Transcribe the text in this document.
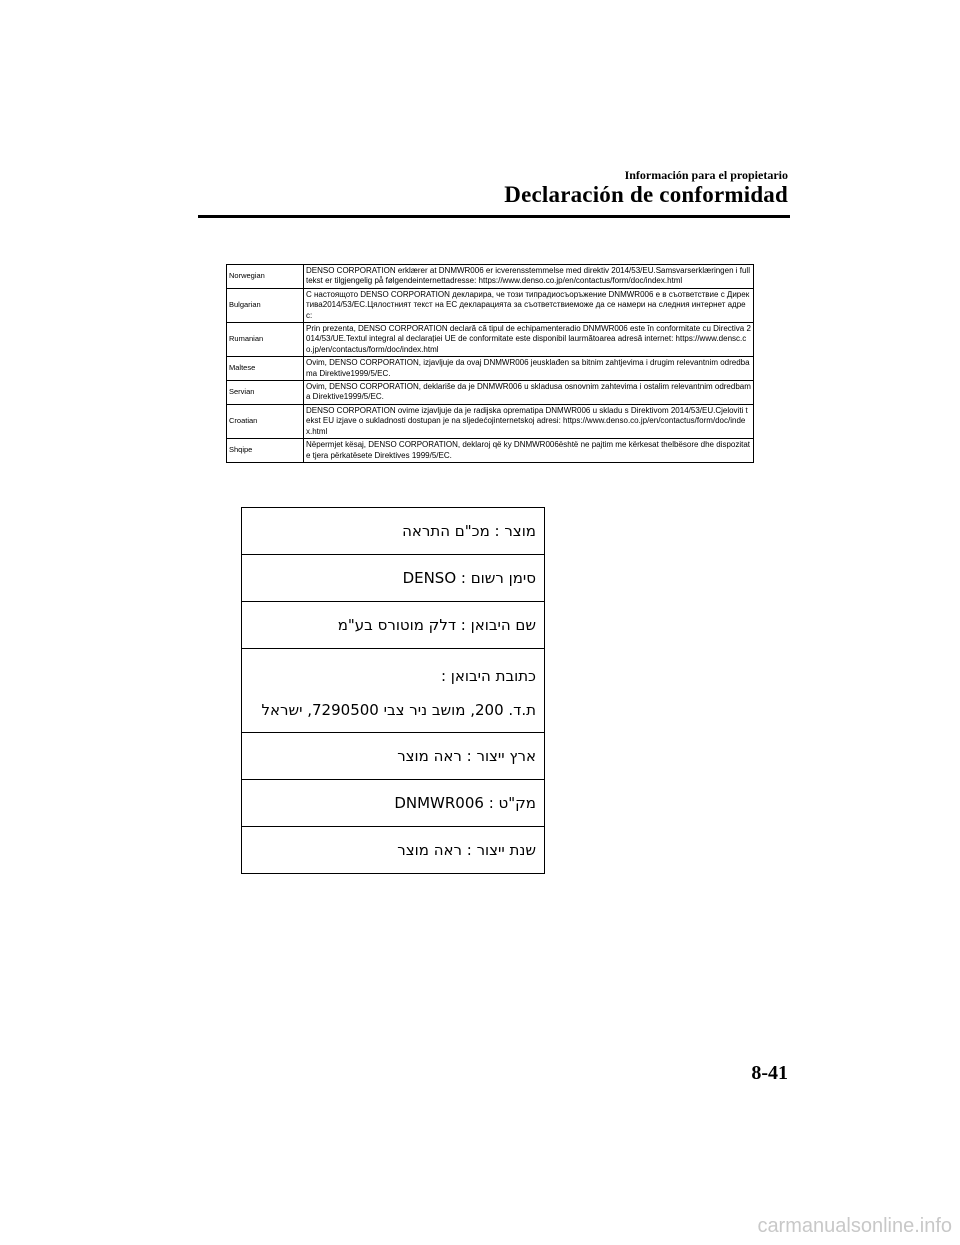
Información para el propietario
Declaración de conformidad
Norwegian	DENSO CORPORATION erklærer at DNMWR006 er icverensstemmelse med direktiv 2014/53/EU.Samsvarserklæringen i fulltekst er tilgjengelig på følgendeinternettadresse: https://www.denso.co.jp/en/contactus/form/doc/index.html
Bulgarian	С настоящото DENSO CORPORATION декларира, че този типрадиосъоръжение DNMWR006 е в съответствие с Директива2014/53/ЕС.Цялостният текст на ЕС декларацията за съответствиеможе да се намери на следния интернет адрес:
Rumanian	Prin prezenta, DENSO CORPORATION declară că tipul de echipamenteradio DNMWR006 este în conformitate cu Directiva 2014/53/UE.Textul integral al declarației UE de conformitate este disponibil laurmătoarea adresă internet: https://www.densc.co.jp/en/contactus/form/doc/index.html
Maltese	Ovim, DENSO CORPORATION, izjavljuje da ovaj DNMWR006 jeusklađen sa bitnim zahtjevima i drugim relevantnim odredbama Direktive1999/5/EC.
Servian	Ovim, DENSO CORPORATION, deklariše da je DNMWR006 u skladusa osnovnim zahtevima i ostalim relevantnim odredbama Direktive1999/5/EC.
Croatian	DENSO CORPORATION ovime izjavljuje da je radijska oprematipa DNMWR006 u skladu s Direktivom 2014/53/EU.Cjeloviti tekst EU izjave o sukladnosti dostupan je na sljedećojinternetskoj adresi: https://www.denso.co.jp/en/contactus/form/doc/index.html
Shqipe	Nëpermjet kësaj, DENSO CORPORATION, deklaroj që ky DNMWR006është ne pajtim me kërkesat thelbësore dhe dispozitat e tjera përkatësete Direktives 1999/5/EC.
מוצר : מכ"ם התראה
סימן רשום : DENSO
שם היבואן : דלק מוטורס בע"מ

כתובת היבואן :
ת.ד. 200, מושב ניר צבי 7290500, ישראל

ארץ ייצור : ראה מוצר
מק"ט : DNMWR006
שנת ייצור : ראה מוצר
8-41
carmanualsonline.info
